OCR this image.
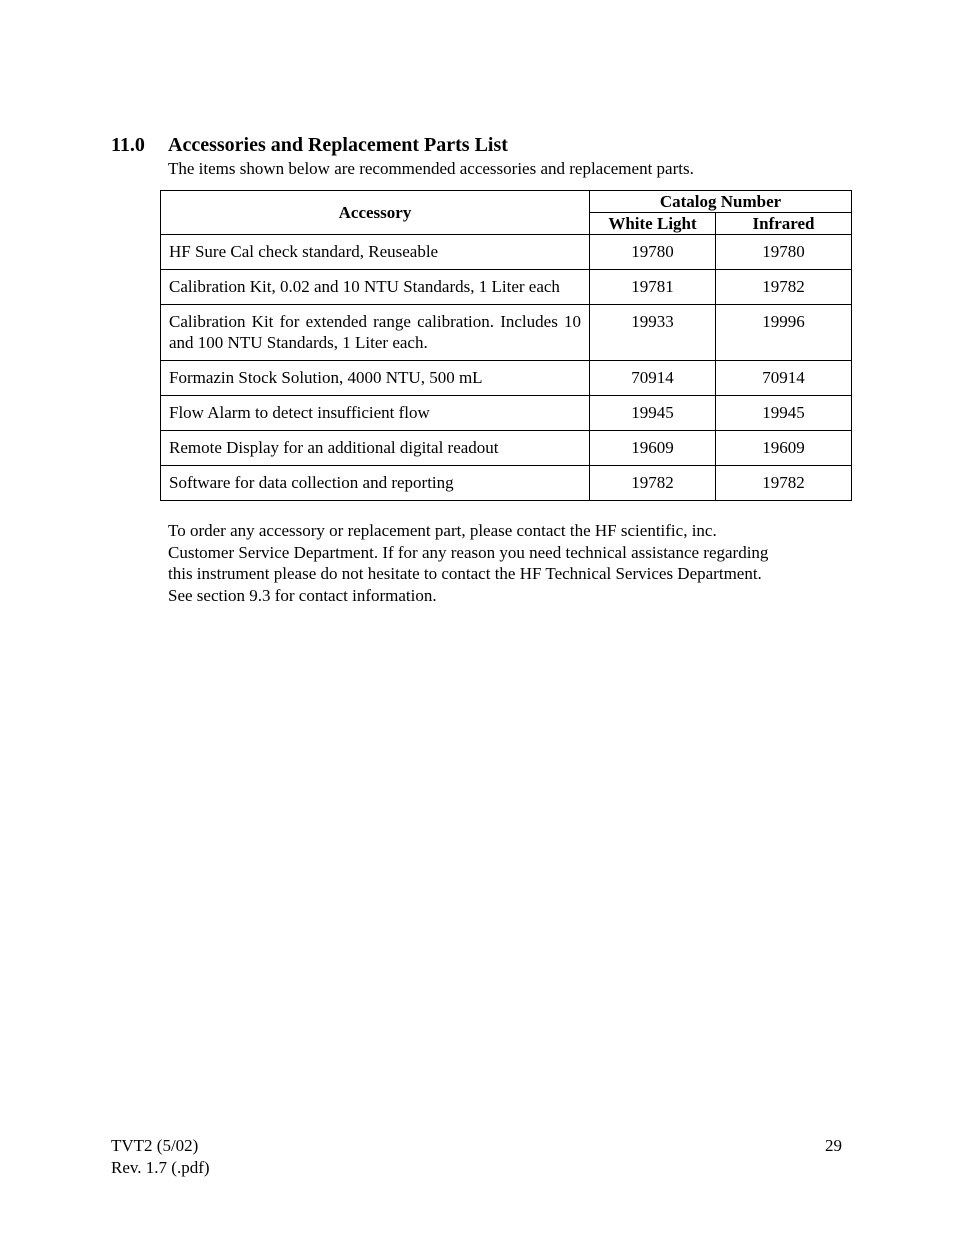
11.0 Accessories and Replacement Parts List
The items shown below are recommended accessories and replacement parts.
Accessory	Catalog Number	
	White Light	Infrared
HF Sure Cal check standard, Reuseable	19780	19780
Calibration Kit, 0.02 and 10 NTU Standards, 1 Liter each	19781	19782
Calibration Kit for extended range calibration. Includes 10 and 100 NTU Standards, 1 Liter each.	19933	19996
Formazin Stock Solution, 4000 NTU, 500 mL	70914	70914
Flow Alarm to detect insufficient flow	19945	19945
Remote Display for an additional digital readout	19609	19609
Software for data collection and reporting	19782	19782

To order any accessory or replacement part, please contact the HF scientific, inc.

Customer Service Department. If for any reason you need technical assistance regarding

this instrument please do not hesitate to contact the HF Technical Services Department.

See section 9.3 for contact information.

TVT2 (5/02)
Rev. 1.7 (.pdf)
29
